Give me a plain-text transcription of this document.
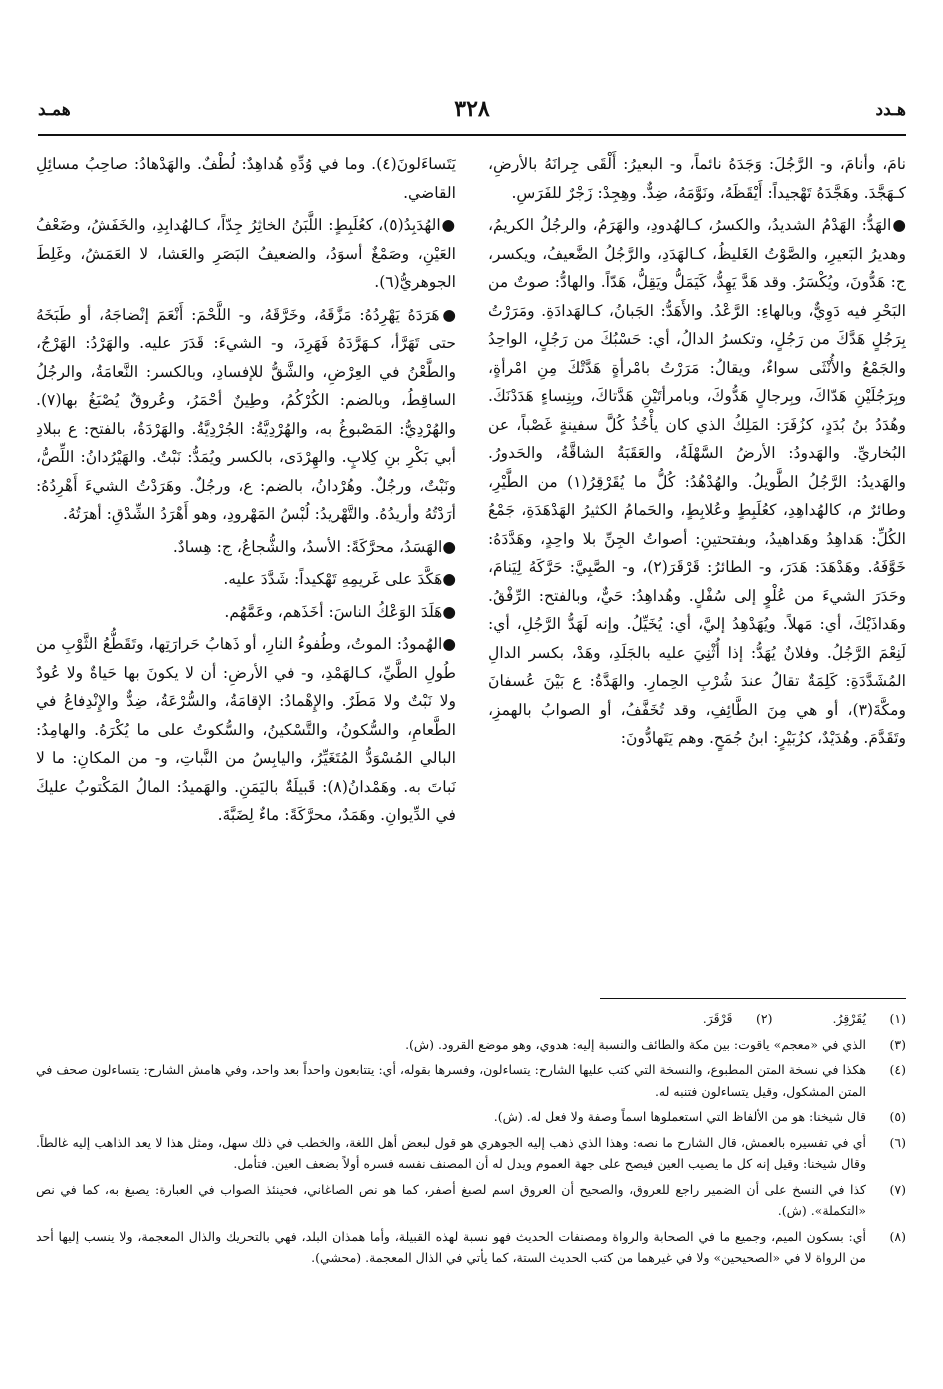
هـدد
٣٢٨
همـد

نامَ، وأنامَ، و- الرَّجُلَ: وَجَدَهُ نائماً، و- البعيرُ: أَلْقَى جِرانَهُ بالأرضِ، كـهَجَّدَ. وهَجَّدَهُ تَهْجيداً: أَيْقَظَهُ، ونَوَّمَهُ، ضِدٌّ. وهِجِدْ: زَجْرٌ للفَرَسِ.

●الهَدُّ: الهَدْمُ الشديدُ، والكسرُ، كـالهُدودِ، والهَرَمُ، والرجُلُ الكريمُ، وهديرُ البَعيرِ، والصَّوْتُ الغَليظُ، كـالهَدَدِ، والرَّجُلُ الضَّعيفُ، ويكسر، ج: هَدُّونَ، ويُكْسَرُ. وقد هَدَّ يَهِدُّ، كَيَمَلُّ ويَقِلُّ، هَدّاً. والهادُّ: صوتٌ من البَحْرِ فيه دَوِيٌّ، وبالهاءِ: الرَّعْدُ. والأَهَدُّ: الجَبانُ، كـالهَدادَةِ. ومَرَرْتُ بِرَجُلٍ هَدَّكَ من رَجُلٍ، وتكسرُ الدالُ، أي: حَسْبُكَ من رَجُلٍ، الواحِدُ والجَمْعُ والأُنْثَى سواءٌ، ويقالُ: مَرَرْتُ بامْرأةٍ هَدَّتْكَ مِنِ امْرأةٍ، وبِرَجُلَيْنِ هَدّاكَ، وبِرجالٍ هَدُّوكَ، وبامرأتَيْنِ هَدَّتاكَ، وبِنِساءٍ هَدَدْنَكَ. وهُدَدُ بنُ بُدَدٍ، كزُفَرَ: المَلِكُ الذي كان يأْخُذُ كُلَّ سفينةٍ غَصْباً، عن البُخاريِّ. والهَدودُ: الأرضُ السَّهْلَةُ، والعَقَبَةُ الشاقَّةُ، والحَدورُ. والهَديدُ: الرَّجُلُ الطَّويلُ. والهُدْهُدُ: كُلُّ ما يُقَرْقِرُ(١) من الطَّيْرِ، وطائرٌ م، كالهُداهِدِ، كعُلَبِطٍ وعُلابِطٍ، والحَمامُ الكثيرُ الهَدْهَدَةِ، جَمْعُ الكُلِّ: هَداهِدُ وهَداهيدُ، وبفتحتينِ: أصواتُ الجِنِّ بلا واحِدٍ، وهَدَّدَهُ: خَوَّفَهُ. وهَدْهَدَ: هَدَرَ، و- الطائرُ: قَرْقَرَ(٢)، و- الصَّبِيَّ: حَرَّكَهُ لِيَنامَ، وحَدَرَ الشيءَ من عُلْوٍ إلى سُفْلٍ. وهُداهِدُ: حَيٌّ، وبالفتح: الرِّفْقُ. وهَداذَيْكَ، أي: مَهلاً. ويُهَدْهِدُ إليَّ، أي: يُخَيِّلُ. وإنه لَهَدُّ الرَّجُلِ، أي: لَنِعْمَ الرَّجُلُ. وفلانٌ يُهَدُّ: إذا أُثْنِيَ عليه بالجَلَدِ، وهَدْ، بكسر الدالِ المُشَدَّدَةِ: كَلِمَةٌ تقالُ عندَ شُرْبِ الحِمارِ. والهَدَّةُ: ع بَيْنَ عُسفانَ ومكَّةَ(٣)، أو هي مِنَ الطَّائِفِ، وقد تُخَفَّفُ، أو الصوابُ بالهمزِ، وتَقَدَّمَ. وهُدَيْدٌ، كزُبَيْرٍ: ابنُ جُمَحٍ. وهم يَتَهادُّونَ:

يَتَساءَلونَ(٤). وما في وُدِّهِ هُداهِدٌ: لُطْفٌ. والهَدْهادُ: صاحِبُ مسائِلِ القاضي.

●الهُدَبِدُ(٥)، كعُلَبِطٍ: اللَّبَنُ الخاثِرُ جِدّاً، كـالهُدابِدِ، والخَفَشُ، وضَعْفُ العَيْنِ، وصَمْغٌ أسوَدُ، والضعيفُ البَصَرِ والعَشا، لا العَمَشُ، وغَلِطَ الجوهريُّ(٦).

●هَرَدَهُ يَهْرِدُهُ: مَزَّقَهُ، وخَرَّقَهُ، و- اللَّحْمَ: أَنْعَمَ إنْضاجَهُ، أو طَبَخَهُ حتى تَهَرَّأ، كـهَرَّدَهُ فَهَرِدَ، و- الشيءَ: قَدَرَ عليه. والهَرْدُ: الهَرْجُ، والطَّعْنُ في العِرْضِ، والشَّقُّ للإفسادِ، وبالكسر: النَّعامَةُ، والرجُلُ الساقِطُ، وبالضم: الكُرْكُمُ، وطِينٌ أحْمَرُ، وعُروقٌ يُصْبَغُ بها(٧). والهُرْدِيُّ: المَصْبوغُ به، والهُرْدِيَّةُ: الجُرْدِيَّةُ. والهَرْدَةُ، بالفتح: ع ببلادِ أبي بَكْرِ بنِ كِلابٍ. والهِرْدَى، بالكسر ويُمَدُّ: نَبْتٌ. والهَيْرُدانُ: اللِّصُّ، ونَبْتٌ، ورجُلٌ. وهُرْدانُ، بالضم: ع، ورجُلٌ. وهَرَدْتُ الشيءَ أَهْرِدُهُ: أرَدْتُهُ وأريدُهُ. والتَّهْريدُ: لُبْسُ المَهْرودِ، وهو أَهْرَدُ الشِّدْقِ: أهرَتُهُ.

●الهَسَدُ، محرَّكَةً: الأسدُ، والشُّجاعُ، ج: هِسادٌ.

●هَكَّدَ على غَريمِهِ تَهْكيداً: شَدَّدَ عليه.

●هَلَدَ الوَعْكُ الناسَ: أخَذَهم، وعَمَّهُم.

●الهُمودُ: الموتُ، وطُفوءُ النارِ، أو ذَهابُ حَرارَتِها، وتَقَطُّعُ الثَّوْبِ من طُولِ الطَّيِّ، كـالهَمْدِ، و- في الأرضِ: أن لا يكونَ بها حَياةٌ ولا عُودٌ ولا نَبْتٌ ولا مَطَرٌ. والإِهْمادُ: الإقامَةُ، والسُّرْعَةُ، ضِدٌّ والإِنْدِفاعُ في الطَّعامِ، والسُّكونُ، والتَّسْكينُ، والسُّكوتُ على ما يُكْرَهُ. والهامِدُ: البالي المُسْوَدُّ المُتَغَيِّرُ، واليابِسُ من النَّباتِ، و- من المكانِ: ما لا نَباتَ به. وهَمْدانُ(٨): قَبيلَةٌ باليَمَنِ. والهَميدُ: المالُ المَكْتوبُ عليكَ في الدِّيوانِ. وهَمَدٌ، محرَّكَةً: ماءٌ لِضَبَّةَ.

(١)
يُقَرْقِرُ.
(٢)
قَرْقَرَ.
(٣)
الذي في «معجم» ياقوت: بين مكة والطائف والنسبة إليه: هدوي، وهو موضع القرود. (ش).
(٤)
هكذا في نسخة المتن المطبوع، والنسخة التي كتب عليها الشارح: يتساءلون، وفسرها بقوله، أي: يتتابعون واحداً بعد واحد، وفي هامش الشارح: يتساءلون صحف في المتن المشكول، وقيل يتساءلون فتنبه له.
(٥)
قال شيخنا: هو من الألفاظ التي استعملوها اسماً وصفة ولا فعل له. (ش).
(٦)
أي في تفسيره بالعمش، قال الشارح ما نصه: وهذا الذي ذهب إليه الجوهري هو قول لبعض أهل اللغة، والخطب في ذلك سهل، ومثل هذا لا يعد الذاهب إليه غالطاً. وقال شيخنا: وقيل إنه كل ما يصيب العين فيصح على جهة العموم ويدل له أن المصنف نفسه فسره أولاً بضعف العين. فتأمل.
(٧)
كذا في النسخ على أن الضمير راجع للعروق، والصحيح أن العروق اسم لصبغ أصفر، كما هو نص الصاغاني، فحينئذ الصواب في العبارة: يصبغ به، كما في نص «التكملة». (ش).
(٨)
أي: بسكون الميم، وجميع ما في الصحابة والرواة ومصنفات الحديث فهو نسبة لهذه القبيلة، وأما همذان البلد، فهي بالتحريك والذال المعجمة، ولا ينسب إليها أحد من الرواة لا في «الصحيحين» ولا في غيرهما من كتب الحديث الستة، كما يأتي في الذال المعجمة. (محشي).
